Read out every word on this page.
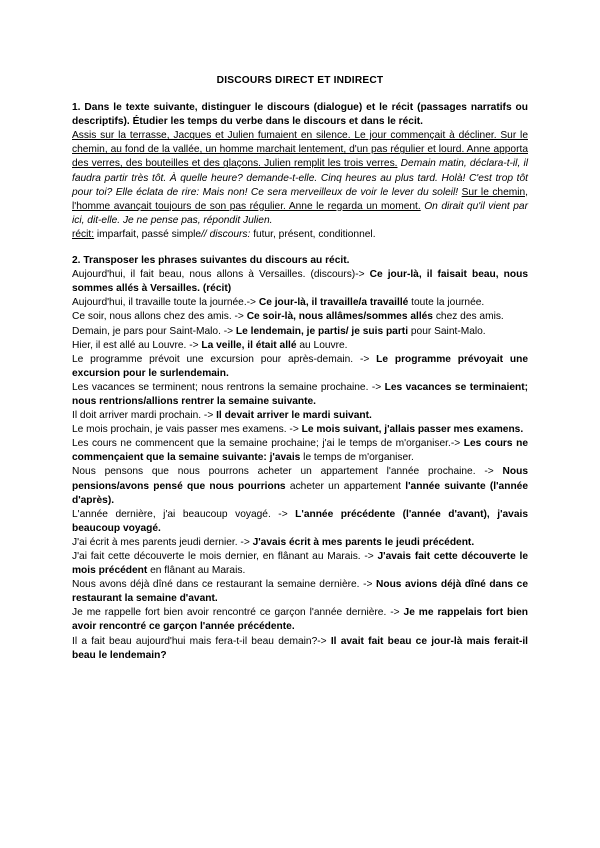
DISCOURS DIRECT ET INDIRECT

1. Dans le texte suivante, distinguer le discours (dialogue) et le récit (passages narratifs ou descriptifs). Étudier les temps du verbe dans le discours et dans le récit.

Assis sur la terrasse, Jacques et Julien fumaient en silence. Le jour commençait à décliner. Sur le chemin, au fond de la vallée, un homme marchait lentement, d'un pas régulier et lourd. Anne apporta des verres, des bouteilles et des glaçons. Julien remplit les trois verres. Demain matin, déclara-t-il, il faudra partir très tôt. À quelle heure? demande-t-elle. Cinq heures au plus tard. Holà! C'est trop tôt pour toi? Elle éclata de rire: Mais non! Ce sera merveilleux de voir le lever du soleil! Sur le chemin, l'homme avançait toujours de son pas régulier. Anne le regarda un moment. On dirait qu'il vient par ici, dit-elle. Je ne pense pas, répondit Julien.

récit: imparfait, passé simple// discours: futur, présent, conditionnel.

2. Transposer les phrases suivantes du discours au récit.

Aujourd'hui, il fait beau, nous allons à Versailles. (discours)-> Ce jour-là, il faisait beau, nous sommes allés à Versailles. (récit)

Aujourd'hui, il travaille toute la journée.-> Ce jour-là, il travaille/a travaillé toute la journée.

Ce soir, nous allons chez des amis. -> Ce soir-là, nous allâmes/sommes allés chez des amis.

Demain, je pars pour Saint-Malo. -> Le lendemain, je partis/ je suis parti pour Saint-Malo.

Hier, il est allé au Louvre. -> La veille, il était allé au Louvre.

Le programme prévoit une excursion pour après-demain. -> Le programme prévoyait une excursion pour le surlendemain.

Les vacances se terminent; nous rentrons la semaine prochaine. -> Les vacances se terminaient; nous rentrions/allions rentrer la semaine suivante.

Il doit arriver mardi prochain. -> Il devait arriver le mardi suivant.

Le mois prochain, je vais passer mes examens. -> Le mois suivant, j'allais passer mes examens.

Les cours ne commencent que la semaine prochaine; j'ai le temps de m'organiser.-> Les cours ne commençaient que la semaine suivante: j'avais le temps de m'organiser.

Nous pensons que nous pourrons acheter un appartement l'année prochaine. -> Nous pensions/avons pensé que nous pourrions acheter un appartement l'année suivante (l'année d'après).

L'année dernière, j'ai beaucoup voyagé. -> L'année précédente (l'année d'avant), j'avais beaucoup voyagé.

J'ai écrit à mes parents jeudi dernier. -> J'avais écrit à mes parents le jeudi précédent.

J'ai fait cette découverte le mois dernier, en flânant au Marais. -> J'avais fait cette découverte le mois précédent en flânant au Marais.

Nous avons déjà dîné dans ce restaurant la semaine dernière. -> Nous avions déjà dîné dans ce restaurant la semaine d'avant.

Je me rappelle fort bien avoir rencontré ce garçon l'année dernière. -> Je me rappelais fort bien avoir rencontré ce garçon l'année précédente.

Il a fait beau aujourd'hui mais fera-t-il beau demain?-> Il avait fait beau ce jour-là mais ferait-il beau le lendemain?
